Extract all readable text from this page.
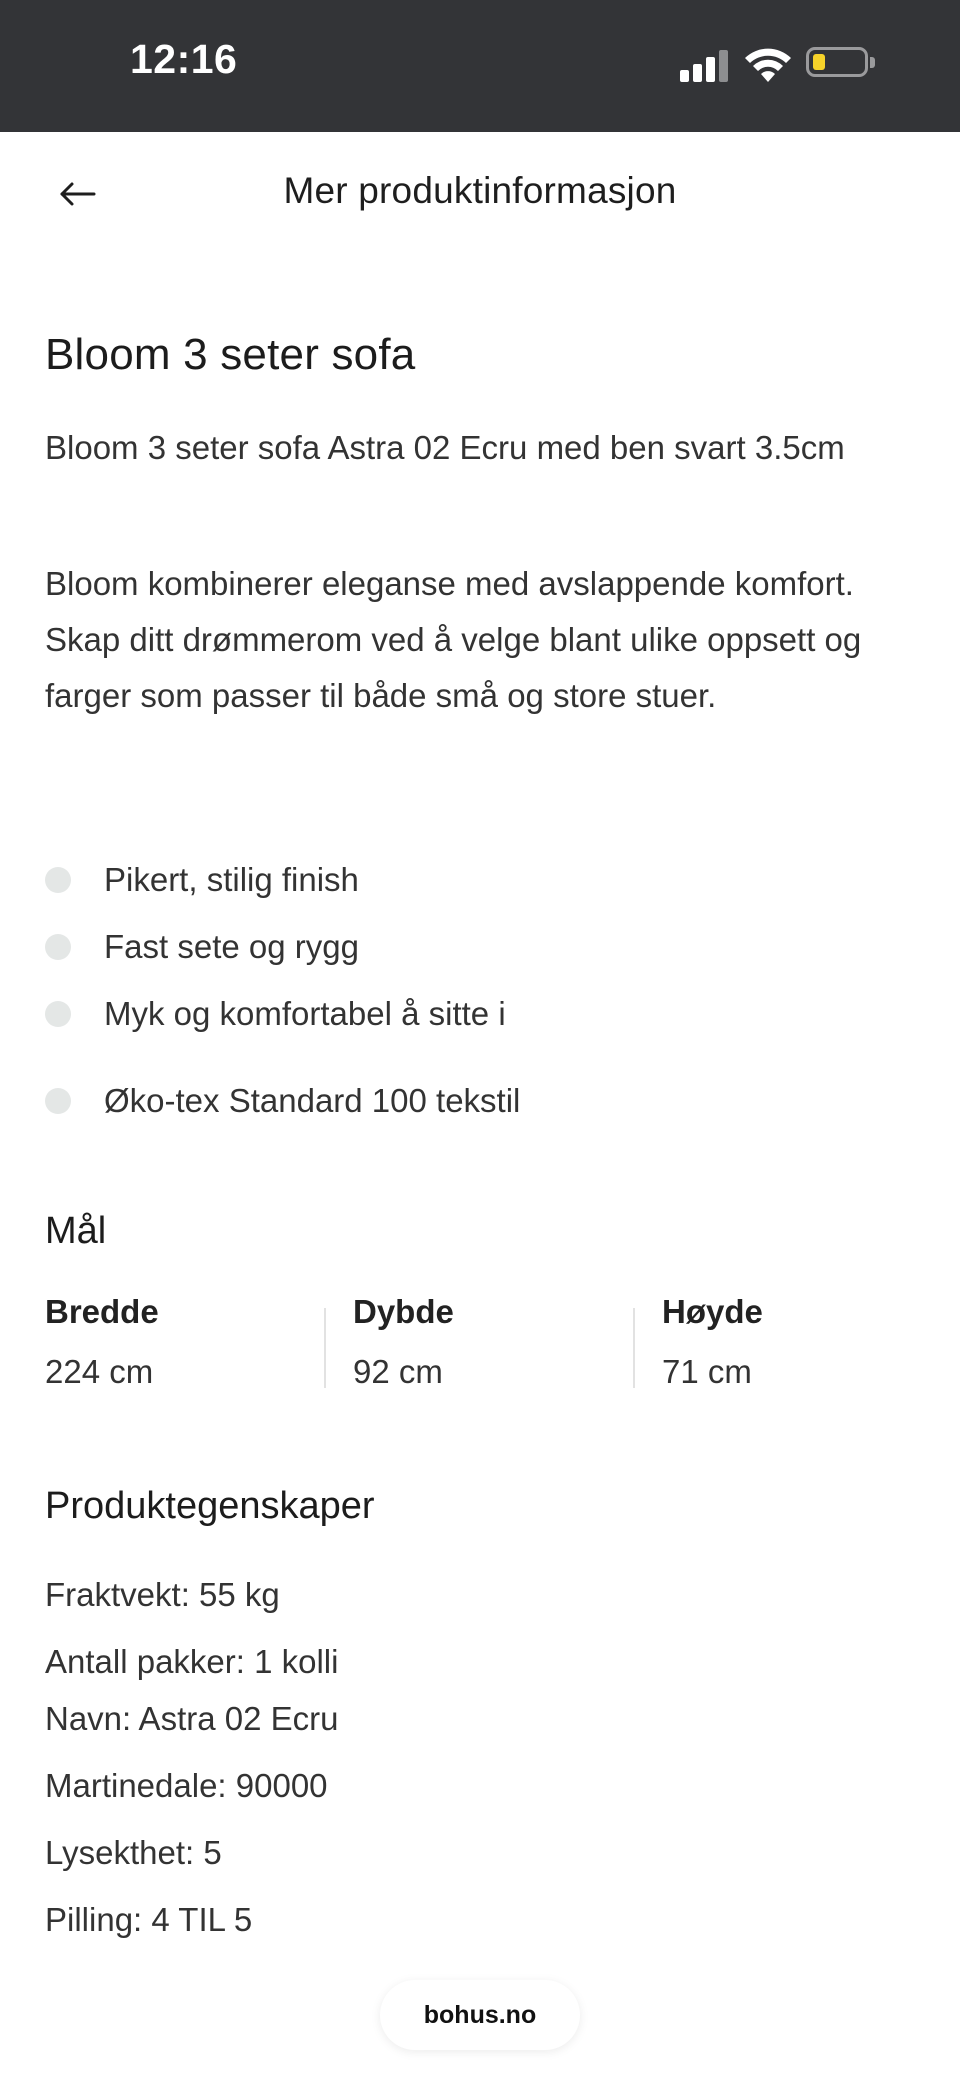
12:16
Mer produktinformasjon
Bloom 3 seter sofa
Bloom 3 seter sofa Astra 02 Ecru med ben svart 3.5cm
Bloom kombinerer eleganse med avslappende komfort. Skap ditt drømmerom ved å velge blant ulike oppsett og farger som passer til både små og store stuer.
Pikert, stilig finish
Fast sete og rygg
Myk og komfortabel å sitte i
Øko-tex Standard 100 tekstil
Mål
Bredde
224 cm
Dybde
92 cm
Høyde
71 cm
Produktegenskaper
Fraktvekt: 55 kg
Antall pakker: 1 kolli
Navn: Astra 02 Ecru
Martinedale: 90000
Lysekthet: 5
Pilling: 4 TIL 5
bohus.no
